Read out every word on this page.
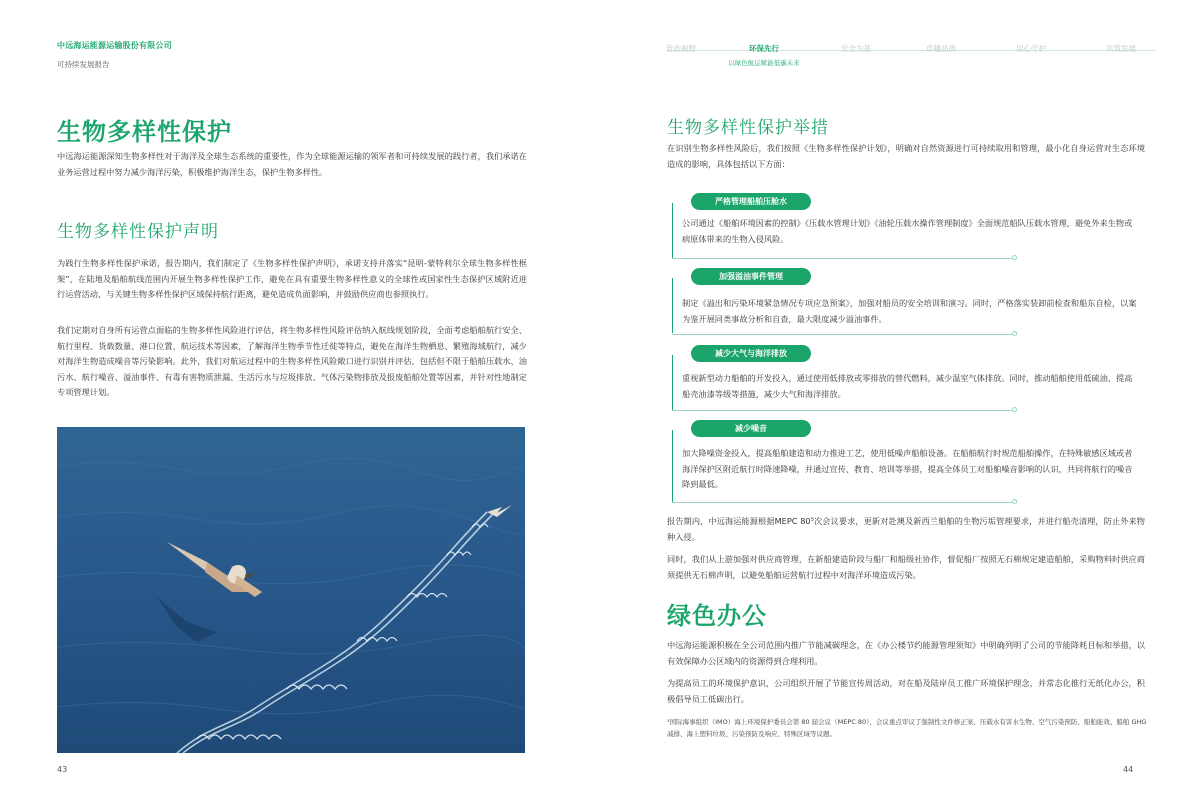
中远海运能源运输股份有限公司
可持续发展报告
生物多样性保护
中远海运能源深知生物多样性对于海洋及全球生态系统的重要性，作为全球能源运输的领军者和可持续发展的践行者，我们承诺在业务运营过程中努力减少海洋污染，积极维护海洋生态，保护生物多样性。
生物多样性保护声明
为践行生物多样性保护承诺，报告期内，我们制定了《生物多样性保护声明》，承诺支持并落实“昆明-蒙特利尔全球生物多样性框架”，在陆地及船舶航线范围内开展生物多样性保护工作，避免在具有重要生物多样性意义的全球性或国家性生态保护区域附近进行运营活动，与关键生物多样性保护区域保持航行距离，避免造成负面影响，并鼓励供应商也参照执行。
我们定期对自身所有运营点面临的生物多样性风险进行评估，将生物多样性风险评估纳入航线规划阶段，全面考虑船舶航行安全、航行里程、货载数量、港口位置、航运技术等因素，了解海洋生物季节性迁徙等特点，避免在海洋生物栖息、繁殖海域航行，减少对海洋生物造成噪音等污染影响。此外，我们对航运过程中的生物多样性风险敞口进行识别并评估，包括但不限于船舶压载水、油污水、航行噪音、溢油事件、有毒有害物质泄漏、生活污水与垃圾排放、气体污染物排放及报废船舶处置等因素，并针对性地制定专项管理计划。
43
管治视野	环保先行	安全为基	卓越品质	用心守护	共筑发展
以绿色航运赋能低碳未来
生物多样性保护举措
在识别生物多样性风险后，我们按照《生物多样性保护计划》，明确对自然资源进行可持续取用和管理，最小化自身运营对生态环境造成的影响，具体包括以下方面：
严格管理船舶压舱水
公司通过《船舶环境因素的控制》《压载水管理计划》《油轮压载水操作管理制度》全面规范船队压载水管理，避免外来生物或病原体带来的生物入侵风险。
加强溢油事件管理
制定《溢出和污染环境紧急情况专项应急预案》，加强对船员的安全培训和演习。同时，严格落实装卸前检查和船东自检，以案为鉴开展同类事故分析和自查，最大限度减少溢油事件。
减少大气与海洋排放
重视新型动力船舶的开发投入，通过使用低排放或零排放的替代燃料，减少温室气体排放。同时，推动船舶使用低硫油、提高船壳油漆等级等措施，减少大气和海洋排放。
减少噪音
加大降噪资金投入，提高船舶建造和动力推进工艺，使用低噪声船舶设备。在船舶航行时规范船舶操作，在特殊敏感区域或者海洋保护区附近航行时降速降噪，并通过宣传、教育、培训等举措，提高全体员工对船舶噪音影响的认识，共同将航行的噪音降到最低。
报告期内，中远海运能源根据MEPC 80⁵次会议要求，更新对赴澳及新西兰船舶的生物污垢管理要求，并进行船壳清理，防止外来物种入侵。
同时，我们从上游加强对供应商管理，在新船建造阶段与船厂和船级社协作，督促船厂按照无石棉规定建造船舶，采购物料时供应商须提供无石棉声明，以避免船舶运营航行过程中对海洋环境造成污染。
绿色办公
中远海运能源积极在全公司范围内推广节能减碳理念，在《办公楼节约能源管理须知》中明确列明了公司的节能降耗目标和举措，以有效保障办公区域内的资源得到合理利用。
为提高员工的环境保护意识，公司组织开展了节能宣传周活动，对在船及陆岸员工推广环境保护理念，并常态化推行无纸化办公，积极倡导员工低碳出行。
⁵国际海事组织（IMO）海上环境保护委员会第 80 届会议（MEPC 80），会议重点审议了强制性文件修正案、压载水有害水生物、空气污染预防、船舶能效、船舶 GHG 减排、海上塑料垃圾、污染预防及响应、特殊区域等议题。
44
